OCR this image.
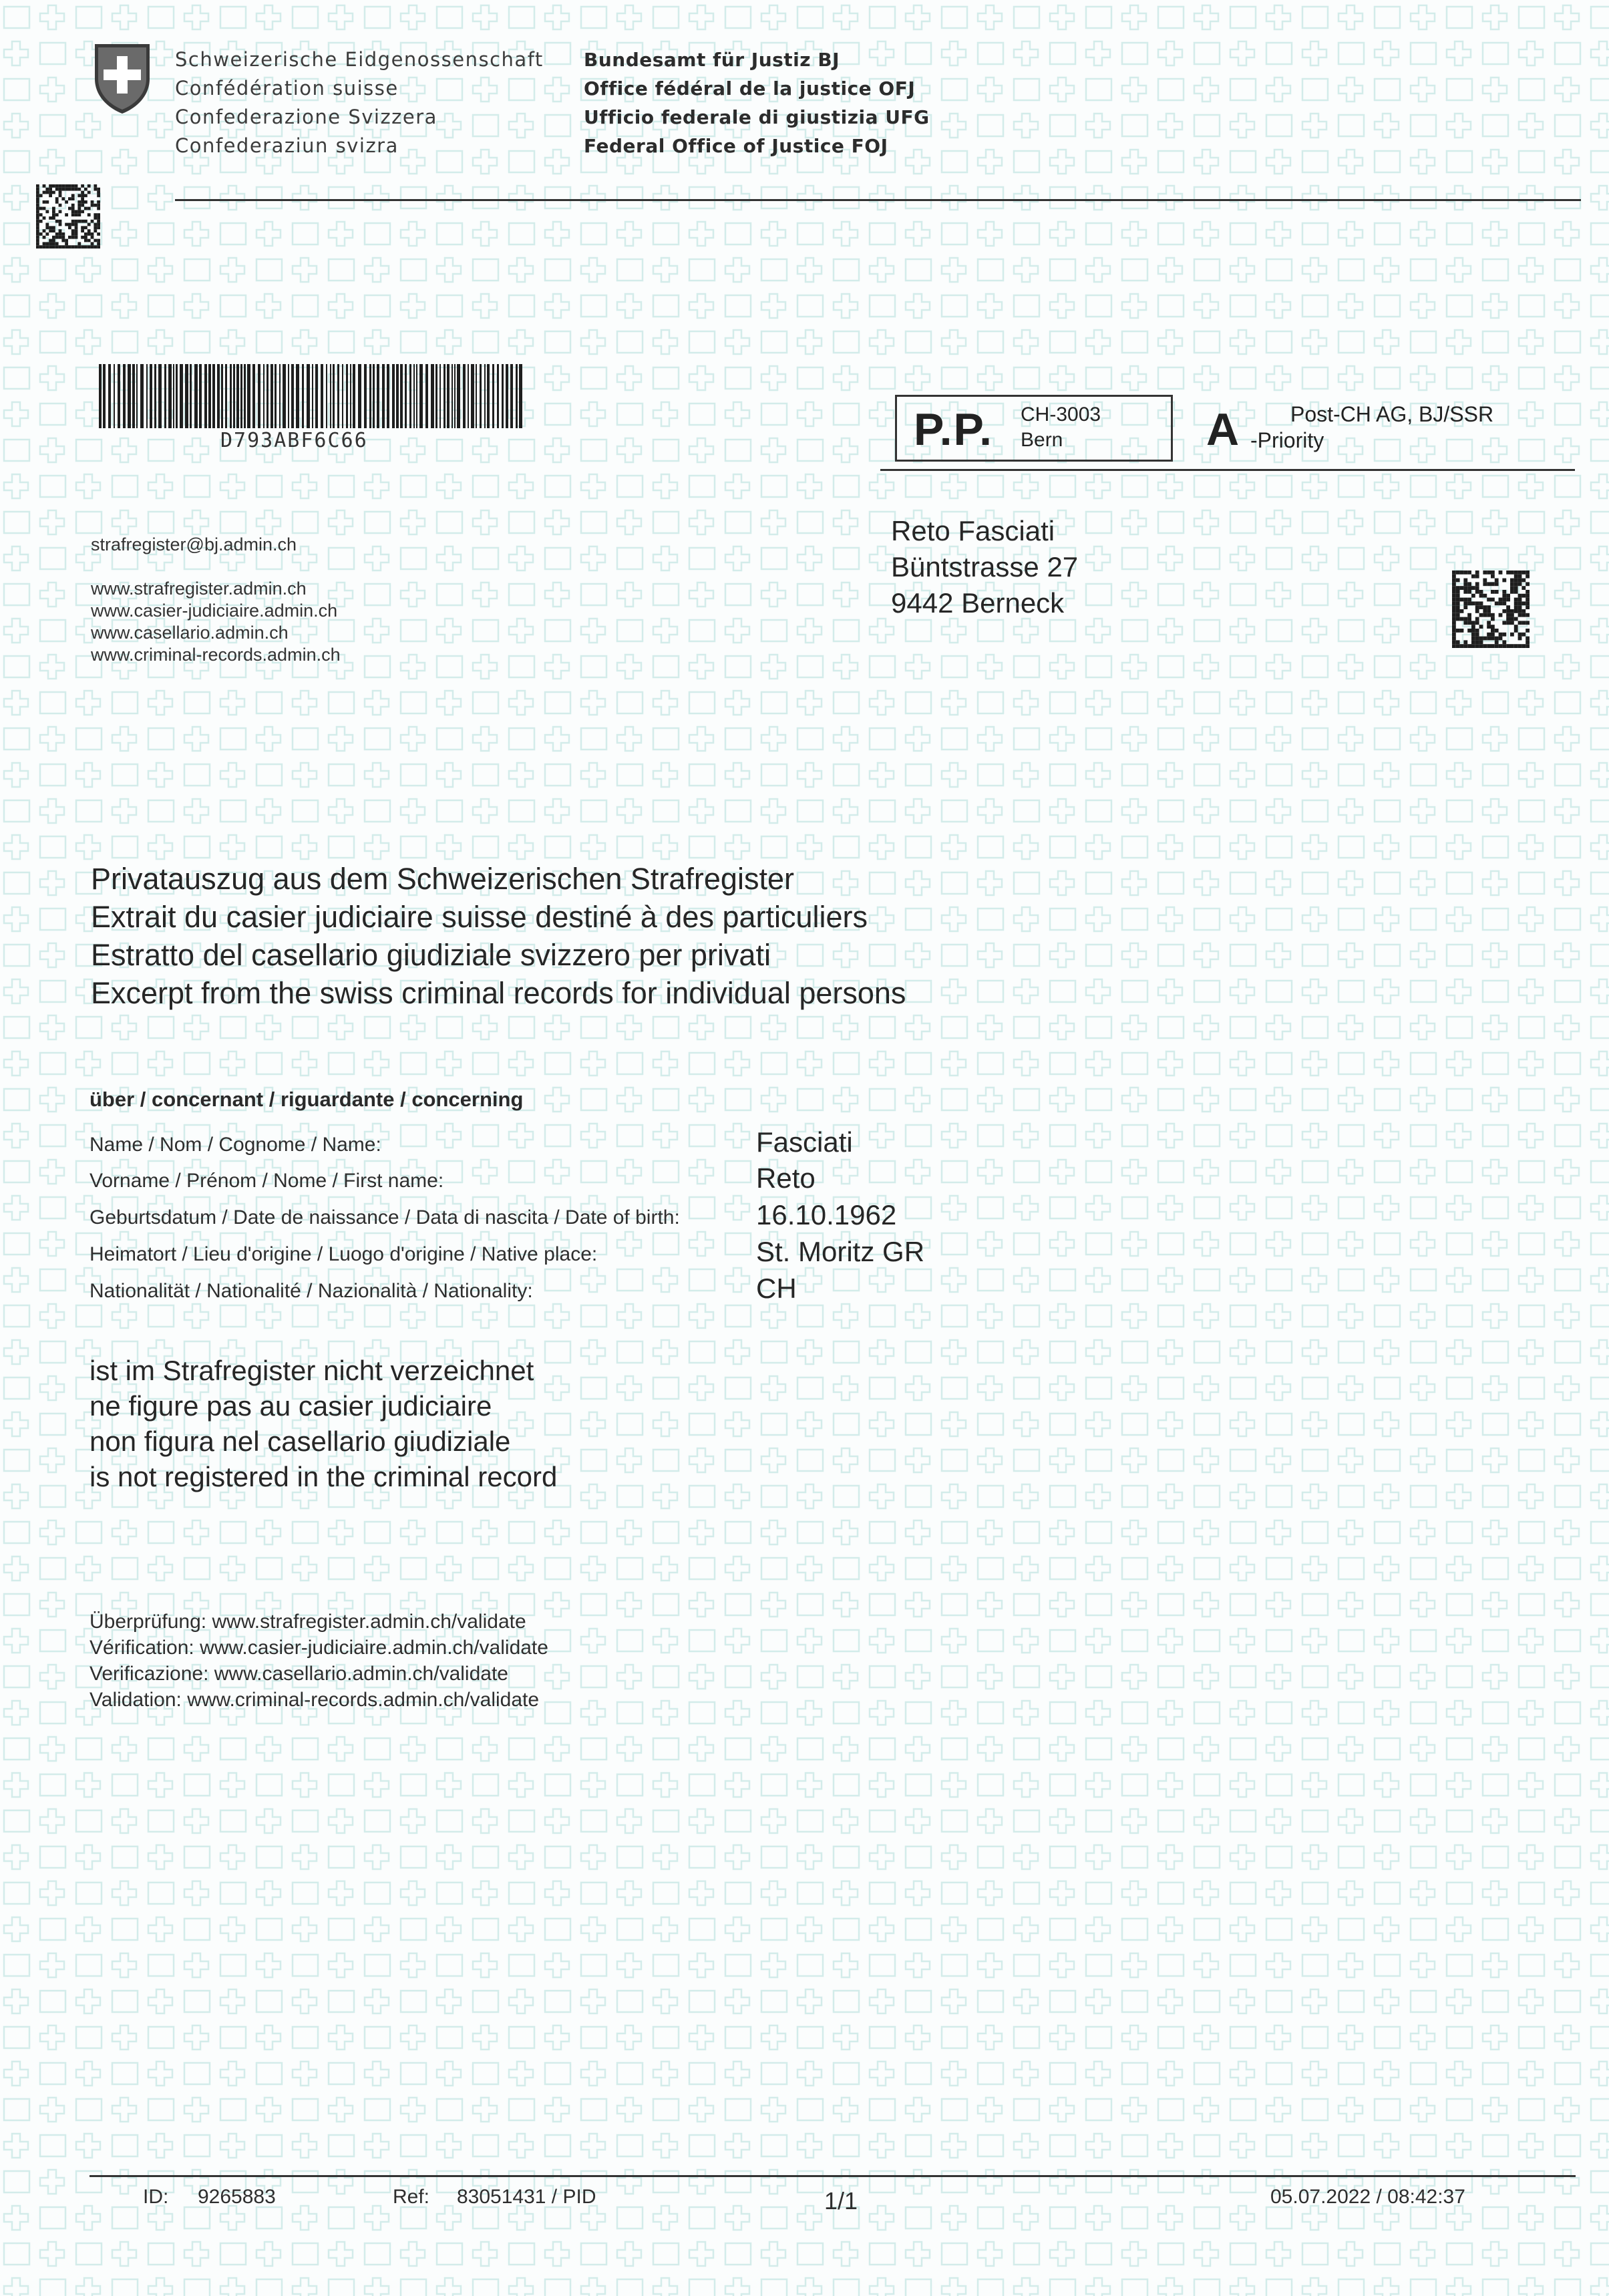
Schweizerische Eidgenossenschaft
Confédération suisse
Confederazione Svizzera
Confederaziun svizra
Bundesamt für Justiz BJ
Office fédéral de la justice OFJ
Ufficio federale di giustizia UFG
Federal Office of Justice FOJ
D793ABF6C66	P.P. CH-3003
Bern	A Post-CH AG, BJ/SSR
-Priority
strafregister@bj.admin.ch
www.strafregister.admin.ch
www.casier-judiciaire.admin.ch
www.casellario.admin.ch
www.criminal-records.admin.ch
Reto Fasciati
Büntstrasse 27
9442 Berneck
Privatauszug aus dem Schweizerischen Strafregister
Extrait du casier judiciaire suisse destiné à des particuliers
Estratto del casellario giudiziale svizzero per privati
Excerpt from the swiss criminal records for individual persons
über / concernant / riguardante / concerning
Name / Nom / Cognome / Name:	Fasciati
Vorname / Prénom / Nome / First name:	Reto
Geburtsdatum / Date de naissance / Data di nascita / Date of birth:	16.10.1962
Heimatort / Lieu d'origine / Luogo d'origine / Native place:	St. Moritz GR
Nationalität / Nationalité / Nazionalità / Nationality:	CH
ist im Strafregister nicht verzeichnet
ne figure pas au casier judiciaire
non figura nel casellario giudiziale
is not registered in the criminal record
Überprüfung: www.strafregister.admin.ch/validate
Vérification: www.casier-judiciaire.admin.ch/validate
Verificazione: www.casellario.admin.ch/validate
Validation: www.criminal-records.admin.ch/validate
ID: 9265883	Ref: 83051431 / PID	1/1	05.07.2022 / 08:42:37
